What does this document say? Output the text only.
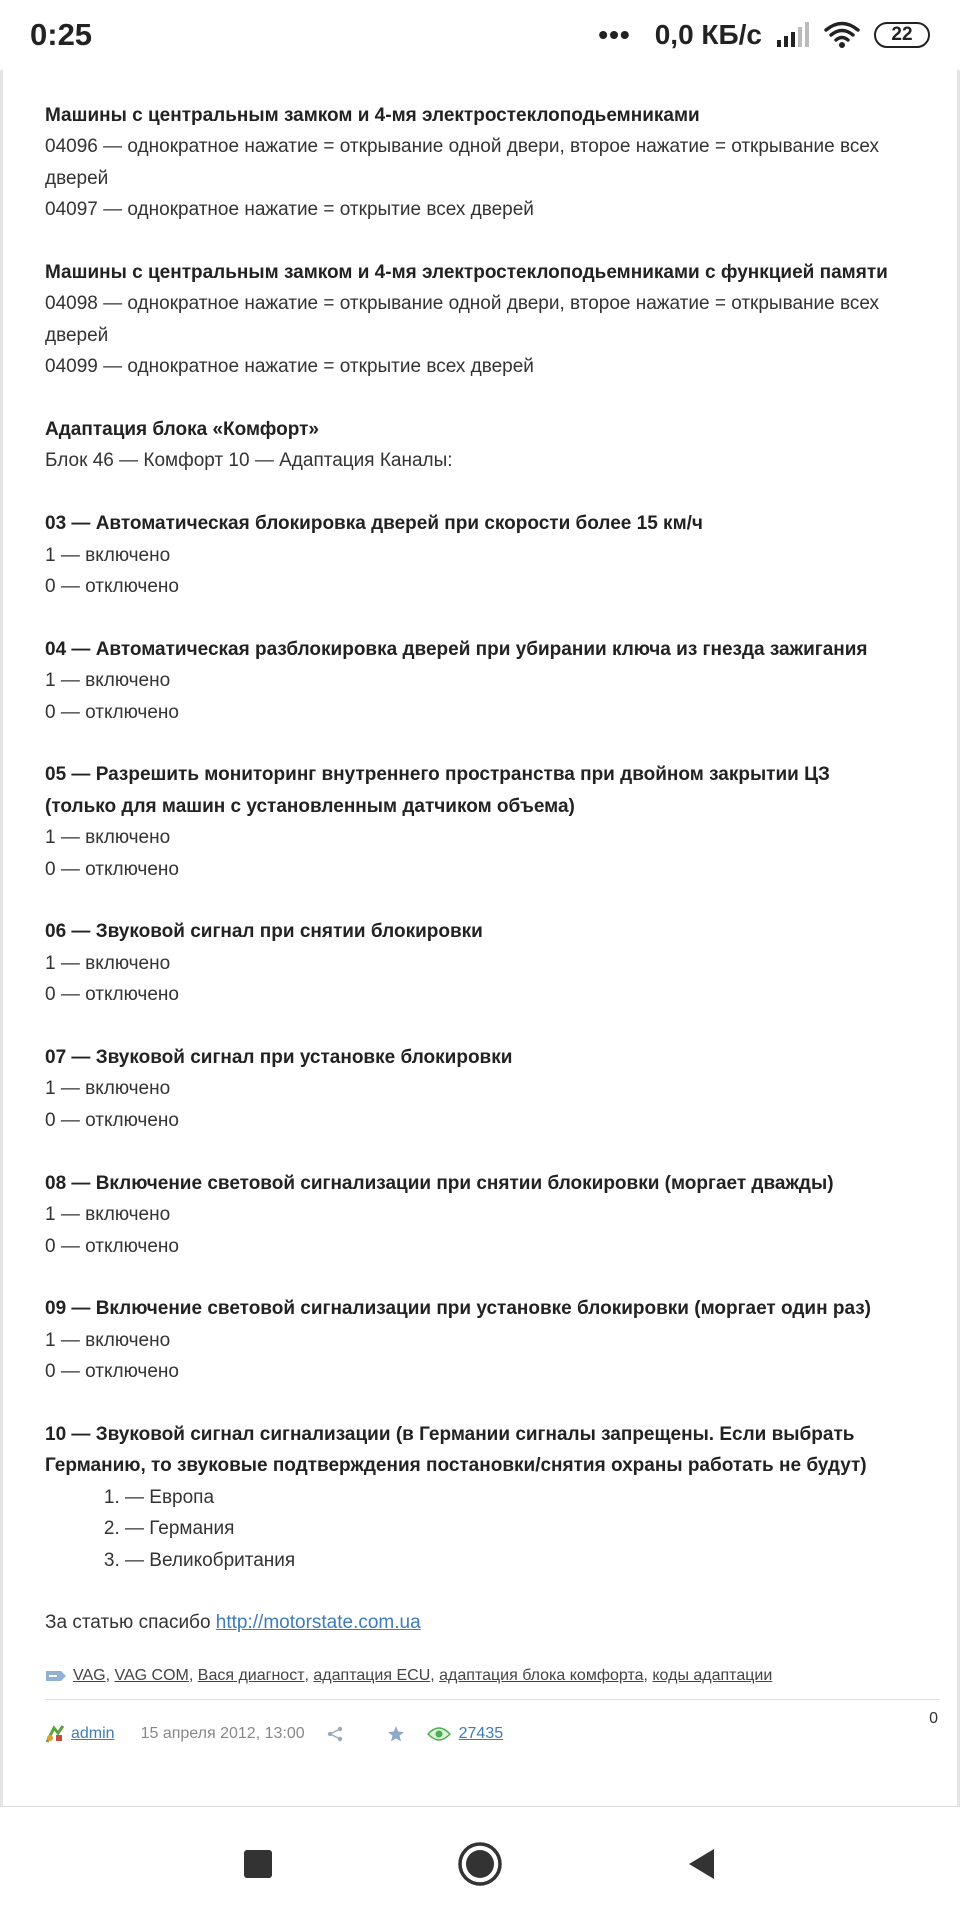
0:25	••• 0,0 КБ/с	22

Машины с центральным замком и 4-мя электростеклоподьемниками

04096 — однократное нажатие = открывание одной двери, второе нажатие = открывание всех дверей

04097 — однократное нажатие = открытие всех дверей

Машины с центральным замком и 4-мя электростеклоподьемниками с функцией памяти

04098 — однократное нажатие = открывание одной двери, второе нажатие = открывание всех дверей

04099 — однократное нажатие = открытие всех дверей

Адаптация блока «Комфорт»

Блок 46 — Комфорт 10 — Адаптация Каналы:

03 — Автоматическая блокировка дверей при скорости более 15 км/ч

1 — включено

0 — отключено

04 — Автоматическая разблокировка дверей при убирании ключа из гнезда зажигания

1 — включено

0 — отключено

05 — Разрешить мониторинг внутреннего пространства при двойном закрытии ЦЗ (только для машин с установленным датчиком объема)

1 — включено

0 — отключено

06 — Звуковой сигнал при снятии блокировки

1 — включено

0 — отключено

07 — Звуковой сигнал при установке блокировки

1 — включено

0 — отключено

08 — Включение световой сигнализации при снятии блокировки (моргает дважды)

1 — включено

0 — отключено

09 — Включение световой сигнализации при установке блокировки (моргает один раз)

1 — включено

0 — отключено

10 — Звуковой сигнал сигнализации (в Германии сигналы запрещены. Если выбрать Германию, то звуковые подтверждения постановки/снятия охраны работать не будут)

1. — Европа
2. — Германия
3. — Великобритания

За статью спасибо http://motorstate.com.ua

VAG , VAG COM , Вася диагност , адаптация ECU , адаптация блока комфорта , коды адаптации
admin 15 апреля 2012, 13:00	27435
0
